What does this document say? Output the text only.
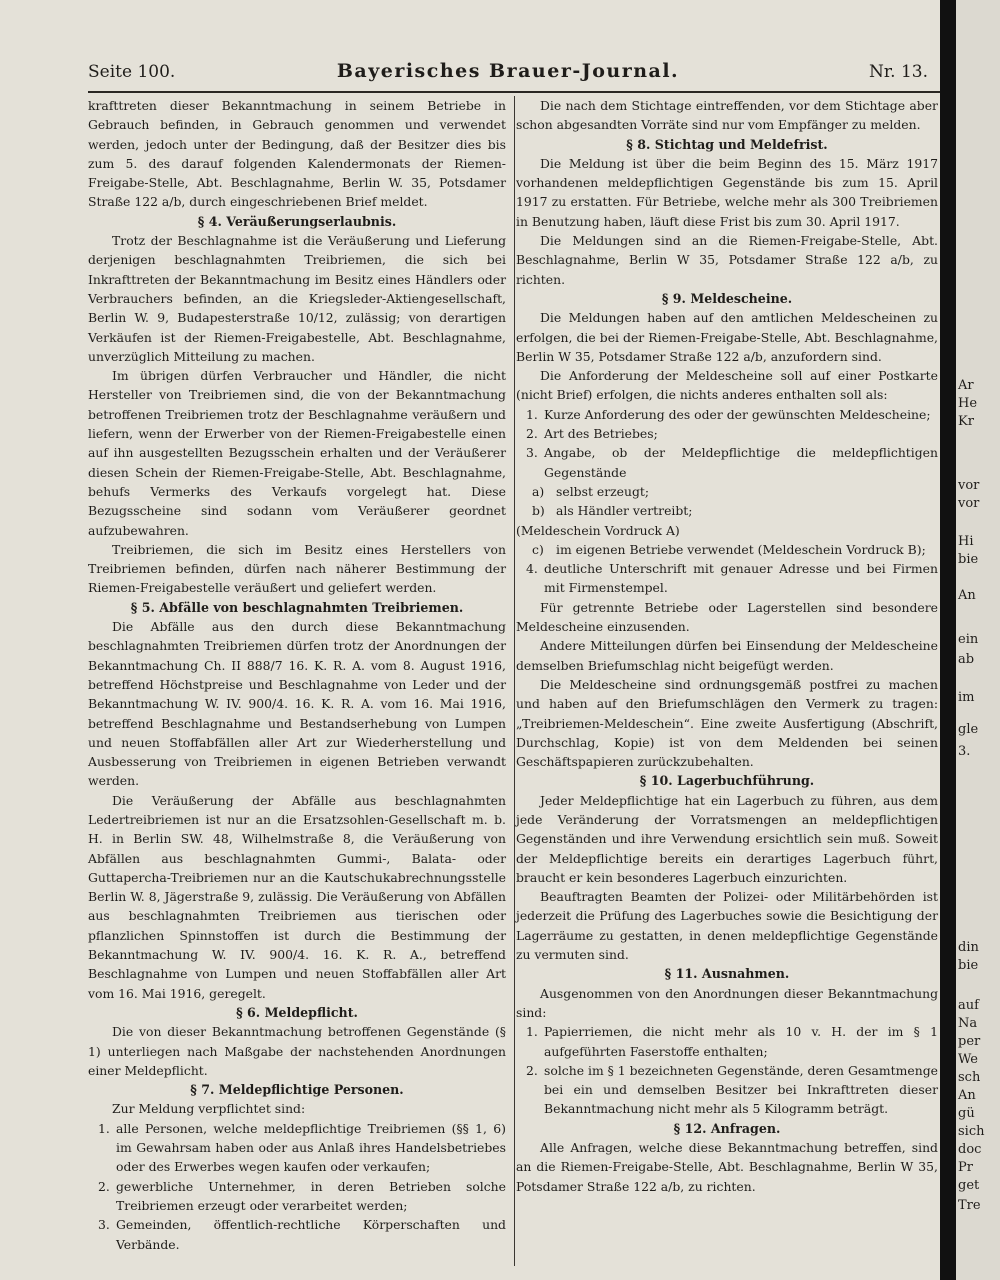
Seite 100.	Bayerisches Brauer-Journal.	Nr. 13.

krafttreten dieser Bekanntmachung in seinem Betriebe in Gebrauch befinden, in Gebrauch genommen und verwendet werden, jedoch unter der Bedingung, daß der Besitzer dies bis zum 5. des darauf folgenden Kalendermonats der Riemen-Freigabe-Stelle, Abt. Beschlagnahme, Berlin W. 35, Potsdamer Straße 122 a/b, durch eingeschriebenen Brief meldet.

§ 4. Veräußerungserlaubnis.

Trotz der Beschlagnahme ist die Veräußerung und Lieferung derjenigen beschlagnahmten Treibriemen, die sich bei Inkrafttreten der Bekanntmachung im Besitz eines Händlers oder Verbrauchers befinden, an die Kriegsleder-Aktiengesellschaft, Berlin W. 9, Budapesterstraße 10/12, zulässig; von derartigen Verkäufen ist der Riemen-Freigabestelle, Abt. Beschlagnahme, unverzüglich Mitteilung zu machen.

Im übrigen dürfen Verbraucher und Händler, die nicht Hersteller von Treibriemen sind, die von der Bekanntmachung betroffenen Treibriemen trotz der Beschlagnahme veräußern und liefern, wenn der Erwerber von der Riemen-Freigabestelle einen auf ihn ausgestellten Bezugsschein erhalten und der Veräußerer diesen Schein der Riemen-Freigabe-Stelle, Abt. Beschlagnahme, behufs Vermerks des Verkaufs vorgelegt hat. Diese Bezugsscheine sind sodann vom Veräußerer geordnet aufzubewahren.

Treibriemen, die sich im Besitz eines Herstellers von Treibriemen befinden, dürfen nach näherer Bestimmung der Riemen-Freigabestelle veräußert und geliefert werden.

§ 5. Abfälle von beschlagnahmten Treibriemen.

Die Abfälle aus den durch diese Bekanntmachung beschlagnahmten Treibriemen dürfen trotz der Anordnungen der Bekanntmachung Ch. II 888/7 16. K. R. A. vom 8. August 1916, betreffend Höchstpreise und Beschlagnahme von Leder und der Bekanntmachung W. IV. 900/4. 16. K. R. A. vom 16. Mai 1916, betreffend Beschlagnahme und Bestandserhebung von Lumpen und neuen Stoffabfällen aller Art zur Wiederherstellung und Ausbesserung von Treibriemen in eigenen Betrieben verwandt werden.

Die Veräußerung der Abfälle aus beschlagnahmten Ledertreibriemen ist nur an die Ersatzsohlen-Gesellschaft m. b. H. in Berlin SW. 48, Wilhelmstraße 8, die Veräußerung von Abfällen aus beschlagnahmten Gummi-, Balata- oder Guttapercha-Treibriemen nur an die Kautschukabrechnungsstelle Berlin W. 8, Jägerstraße 9, zulässig. Die Veräußerung von Abfällen aus beschlagnahmten Treibriemen aus tierischen oder pflanzlichen Spinnstoffen ist durch die Bestimmung der Bekanntmachung W. IV. 900/4. 16. K. R. A., betreffend Beschlagnahme von Lumpen und neuen Stoffabfällen aller Art vom 16. Mai 1916, geregelt.

§ 6. Meldepflicht.

Die von dieser Bekanntmachung betroffenen Gegenstände (§ 1) unterliegen nach Maßgabe der nachstehenden Anordnungen einer Meldepflicht.

§ 7. Meldepflichtige Personen.

Zur Meldung verpflichtet sind:

1. alle Personen, welche meldepflichtige Treibriemen (§§ 1, 6) im Gewahrsam haben oder aus Anlaß ihres Handelsbetriebes oder des Erwerbes wegen kaufen oder verkaufen;
2. gewerbliche Unternehmer, in deren Betrieben solche Treibriemen erzeugt oder verarbeitet werden;
3. Gemeinden, öffentlich-rechtliche Körperschaften und Verbände.

Die nach dem Stichtage eintreffenden, vor dem Stichtage aber schon abgesandten Vorräte sind nur vom Empfänger zu melden.

§ 8. Stichtag und Meldefrist.

Die Meldung ist über die beim Beginn des 15. März 1917 vorhandenen meldepflichtigen Gegenstände bis zum 15. April 1917 zu erstatten. Für Betriebe, welche mehr als 300 Treibriemen in Benutzung haben, läuft diese Frist bis zum 30. April 1917.

Die Meldungen sind an die Riemen-Freigabe-Stelle, Abt. Beschlagnahme, Berlin W 35, Potsdamer Straße 122 a/b, zu richten.

§ 9. Meldescheine.

Die Meldungen haben auf den amtlichen Meldescheinen zu erfolgen, die bei der Riemen-Freigabe-Stelle, Abt. Beschlagnahme, Berlin W 35, Potsdamer Straße 122 a/b, anzufordern sind.

Die Anforderung der Meldescheine soll auf einer Postkarte (nicht Brief) erfolgen, die nichts anderes enthalten soll als:

1. Kurze Anforderung des oder der gewünschten Meldescheine;
2. Art des Betriebes;
3. Angabe, ob der Meldepflichtige die meldepflichtigen Gegenstände
a) selbst erzeugt;
b) als Händler vertreibt;
(Meldeschein Vordruck A)
c) im eigenen Betriebe verwendet (Meldeschein Vordruck B);
4. deutliche Unterschrift mit genauer Adresse und bei Firmen mit Firmenstempel.

Für getrennte Betriebe oder Lagerstellen sind besondere Meldescheine einzusenden.

Andere Mitteilungen dürfen bei Einsendung der Meldescheine demselben Briefumschlag nicht beigefügt werden.

Die Meldescheine sind ordnungsgemäß postfrei zu machen und haben auf den Briefumschlägen den Vermerk zu tragen: „Treibriemen-Meldeschein“. Eine zweite Ausfertigung (Abschrift, Durchschlag, Kopie) ist von dem Meldenden bei seinen Geschäftspapieren zurückzubehalten.

§ 10. Lagerbuchführung.

Jeder Meldepflichtige hat ein Lagerbuch zu führen, aus dem jede Veränderung der Vorratsmengen an meldepflichtigen Gegenständen und ihre Verwendung ersichtlich sein muß. Soweit der Meldepflichtige bereits ein derartiges Lagerbuch führt, braucht er kein besonderes Lagerbuch einzurichten.

Beauftragten Beamten der Polizei- oder Militärbehörden ist jederzeit die Prüfung des Lagerbuches sowie die Besichtigung der Lagerräume zu gestatten, in denen meldepflichtige Gegenstände zu vermuten sind.

§ 11. Ausnahmen.

Ausgenommen von den Anordnungen dieser Bekanntmachung sind:

1. Papierriemen, die nicht mehr als 10 v. H. der im § 1 aufgeführten Faserstoffe enthalten;
2. solche im § 1 bezeichneten Gegenstände, deren Gesamtmenge bei ein und demselben Besitzer bei Inkrafttreten dieser Bekanntmachung nicht mehr als 5 Kilogramm beträgt.
§ 12. Anfragen.

Alle Anfragen, welche diese Bekanntmachung betreffen, sind an die Riemen-Freigabe-Stelle, Abt. Beschlagnahme, Berlin W 35, Potsdamer Straße 122 a/b, zu richten.

Ar
He
Kr
vor
vor
Hi
bie
An
ein
ab
im
gle
3.
din
bie
auf
Na
per
We
sch
An
gü
sich
doc
Pr
get
Tre
